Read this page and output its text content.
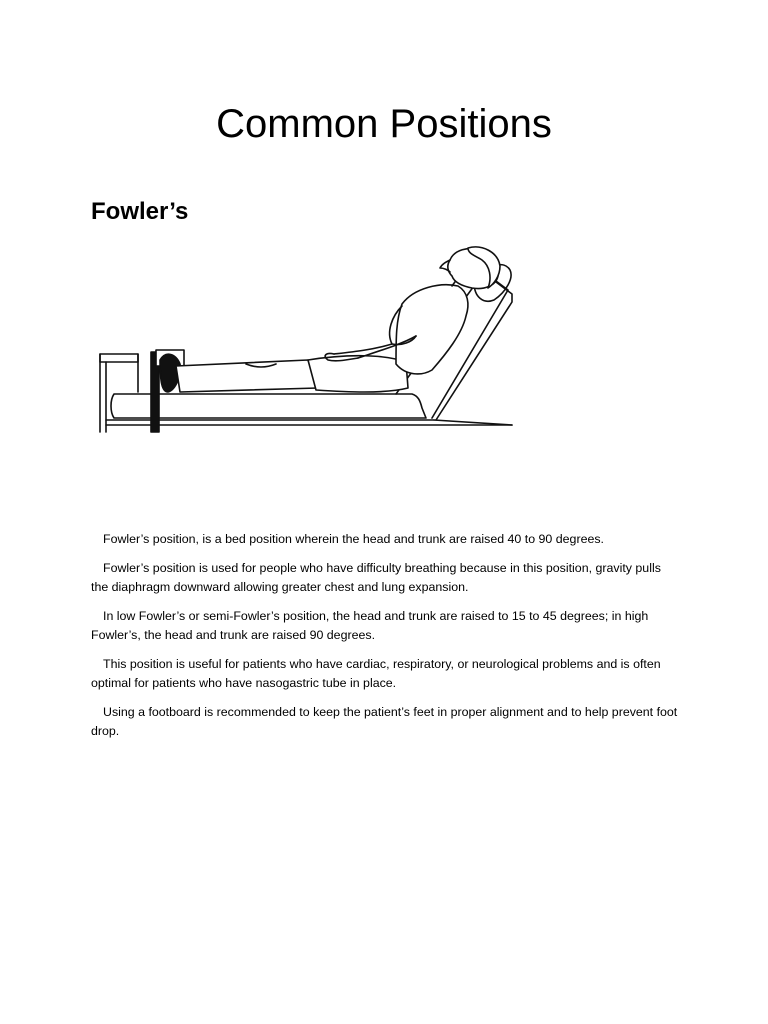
Common Positions
Fowler’s

Fowler’s position, is a bed position wherein the head and trunk are raised 40 to 90 degrees.

Fowler’s position is used for people who have difficulty breathing because in this position, gravity pulls the diaphragm downward allowing greater chest and lung expansion.

In low Fowler’s or semi-Fowler’s position, the head and trunk are raised to 15 to 45 degrees; in high Fowler’s, the head and trunk are raised 90 degrees.

This position is useful for patients who have cardiac, respiratory, or neurological problems and is often optimal for patients who have nasogastric tube in place.

Using a footboard is recommended to keep the patient’s feet in proper alignment and to help prevent foot drop.
